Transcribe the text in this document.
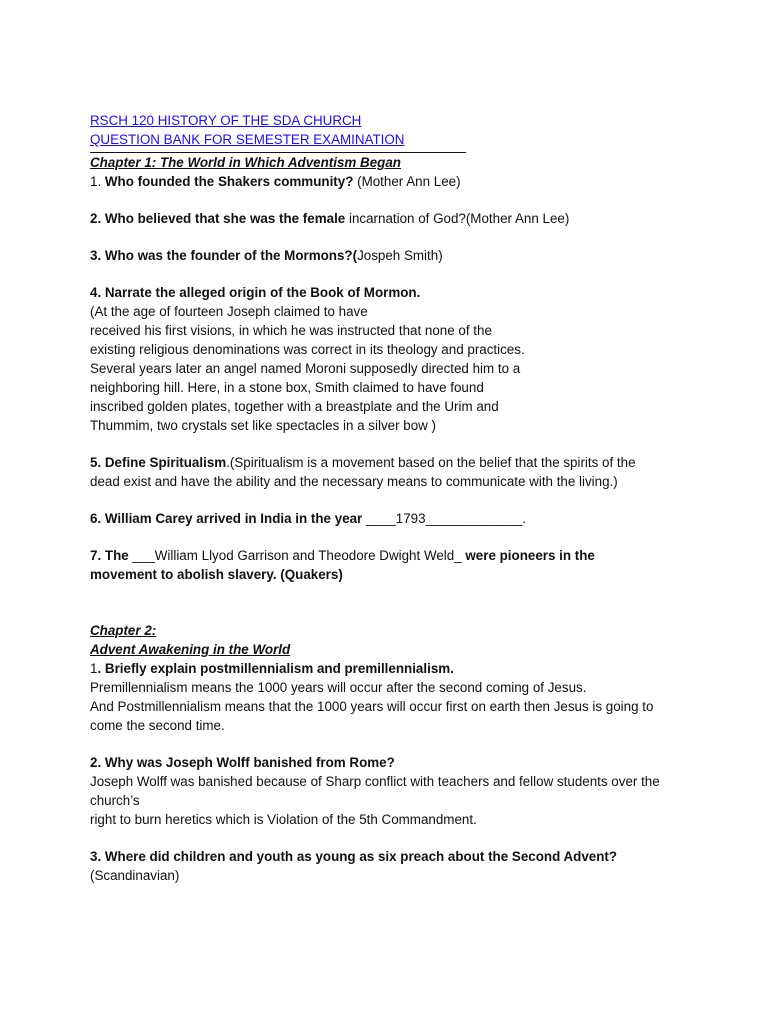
RSCH 120 HISTORY OF THE SDA CHURCH
QUESTION BANK FOR SEMESTER EXAMINATION
Chapter 1: The World in Which Adventism Began
1. Who founded the Shakers community? (Mother Ann Lee)
2. Who believed that she was the female incarnation of God?(Mother Ann Lee)
3. Who was the founder of the Mormons?(Jospeh Smith)
4. Narrate the alleged origin of the Book of Mormon.
(At the age of fourteen Joseph claimed to have
received his first visions, in which he was instructed that none of the
existing religious denominations was correct in its theology and practices.
Several years later an angel named Moroni supposedly directed him to a
neighboring hill. Here, in a stone box, Smith claimed to have found
inscribed golden plates, together with a breastplate and the Urim and
Thummim, two crystals set like spectacles in a silver bow )
5. Define Spiritualism.(Spiritualism is a movement based on the belief that the spirits of the
dead exist and have the ability and the necessary means to communicate with the living.)
6. William Carey arrived in India in the year ____1793_____________.
7. The ___William Llyod Garrison and Theodore Dwight Weld_ were pioneers in the
movement to abolish slavery. (Quakers)
Chapter 2:
Advent Awakening in the World
1. Briefly explain postmillennialism and premillennialism.
Premillennialism means the 1000 years will occur after the second coming of Jesus.
And Postmillennialism means that the 1000 years will occur first on earth then Jesus is going to
come the second time.
2. Why was Joseph Wolff banished from Rome?
Joseph Wolff was banished because of Sharp conflict with teachers and fellow students over the
church’s
right to burn heretics which is Violation of the 5th Commandment.
3. Where did children and youth as young as six preach about the Second Advent?
(Scandinavian)
